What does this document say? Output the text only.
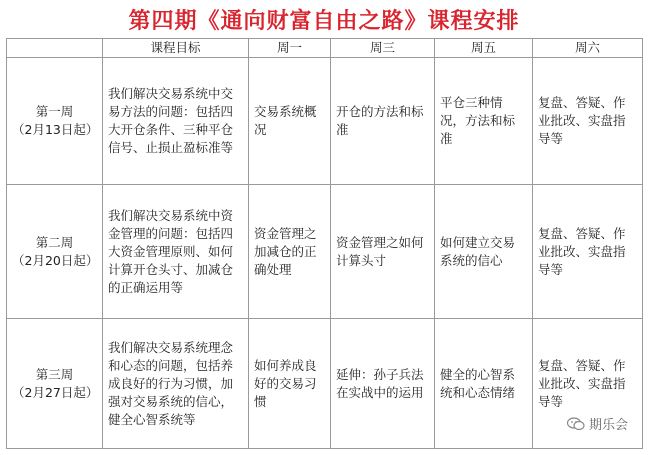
第四期《通向财富自由之路》课程安排
	课程目标	周一	周三	周五	周六

第一周
（2月13日起）	我们解决交易系统中交易方法的问题：包括四大开仓条件、三种平仓信号、止损止盈标准等	交易系统概况	开仓的方法和标准	平仓三种情况，方法和标准	复盘、答疑、作业批改、实盘指导等

第二周
（2月20日起）	我们解决交易系统中资金管理的问题：包括四大资金管理原则、如何计算开仓头寸、加减仓的正确运用等	资金管理之加减仓的正确处理	资金管理之如何计算头寸	如何建立交易系统的信心	复盘、答疑、作业批改、实盘指导等

第三周
（2月27日起）	我们解决交易系统理念和心态的问题，包括养成良好的行为习惯，加强对交易系统的信心，健全心智系统等	如何养成良好的交易习惯	延伸：孙子兵法在实战中的运用	健全的心智系统和心态情绪	复盘、答疑、作业批改、实盘指导等
期乐会
